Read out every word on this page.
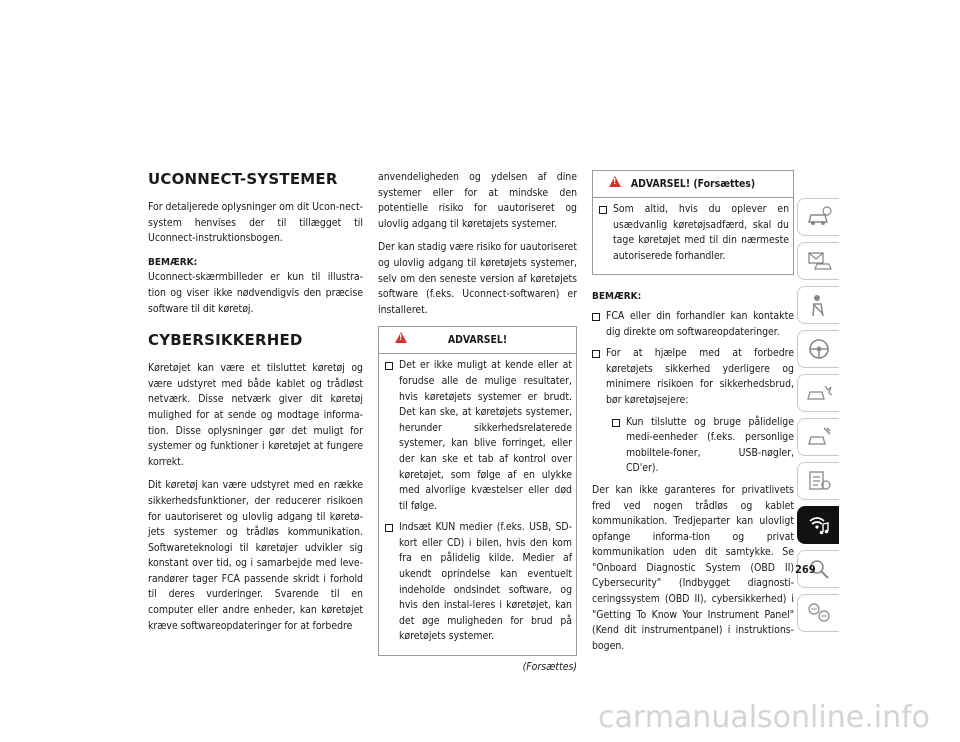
UCONNECT-SYSTEMER

For detaljerede oplysninger om dit Ucon-nect-system henvises der til tillægget til Uconnect-instruktionsbogen.

BEMÆRK:
Uconnect-skærmbilleder er kun til illustra-tion og viser ikke nødvendigvis den præcise software til dit køretøj.

CYBERSIKKERHED

Køretøjet kan være et tilsluttet køretøj og være udstyret med både kablet og trådløst netværk. Disse netværk giver dit køretøj mulighed for at sende og modtage informa-tion. Disse oplysninger gør det muligt for systemer og funktioner i køretøjet at fungere korrekt.

Dit køretøj kan være udstyret med en række sikkerhedsfunktioner, der reducerer risikoen for uautoriseret og ulovlig adgang til køretø-jets systemer og trådløs kommunikation. Softwareteknologi til køretøjer udvikler sig konstant over tid, og i samarbejde med leve-randører tager FCA passende skridt i forhold til deres vurderinger. Svarende til en computer eller andre enheder, kan køretøjet kræve softwareopdateringer for at forbedre

anvendeligheden og ydelsen af dine systemer eller for at mindske den potentielle risiko for uautoriseret og ulovlig adgang til køretøjets systemer.

Der kan stadig være risiko for uautoriseret og ulovlig adgang til køretøjets systemer, selv om den seneste version af køretøjets software (f.eks. Uconnect-softwaren) er installeret.

!
ADVARSEL!
Det er ikke muligt at kende eller at forudse alle de mulige resultater, hvis køretøjets systemer er brudt. Det kan ske, at køretøjets systemer, herunder sikkerhedsrelaterede systemer, kan blive forringet, eller der kan ske et tab af kontrol over køretøjet, som følge af en ulykke med alvorlige kvæstelser eller død til følge.
Indsæt KUN medier (f.eks. USB, SD-kort eller CD) i bilen, hvis den kom fra en pålidelig kilde. Medier af ukendt oprindelse kan eventuelt indeholde ondsindet software, og hvis den instal-leres i køretøjet, kan det øge muligheden for brud på køretøjets systemer.
(Forsættes)
!
ADVARSEL! (Forsættes)
Som altid, hvis du oplever en usædvanlig køretøjsadfærd, skal du tage køretøjet med til din nærmeste autoriserede forhandler.

BEMÆRK:

FCA eller din forhandler kan kontakte dig direkte om softwareopdateringer.
For at hjælpe med at forbedre køretøjets sikkerhed yderligere og minimere risikoen for sikkerhedsbrud, bør køretøjsejere:
Kun tilslutte og bruge pålidelige medi-eenheder (f.eks. personlige mobiltele-foner, USB-nøgler, CD'er).

Der kan ikke garanteres for privatlivets fred ved nogen trådløs og kablet kommunikation. Tredjeparter kan ulovligt opfange informa-tion og privat kommunikation uden dit samtykke. Se "Onboard Diagnostic System (OBD II) Cybersecurity" (Indbygget diagnosti-ceringssystem (OBD II), cybersikkerhed) i "Getting To Know Your Instrument Panel" (Kend dit instrumentpanel) i instruktions-bogen.

269
carmanualsonline.info
